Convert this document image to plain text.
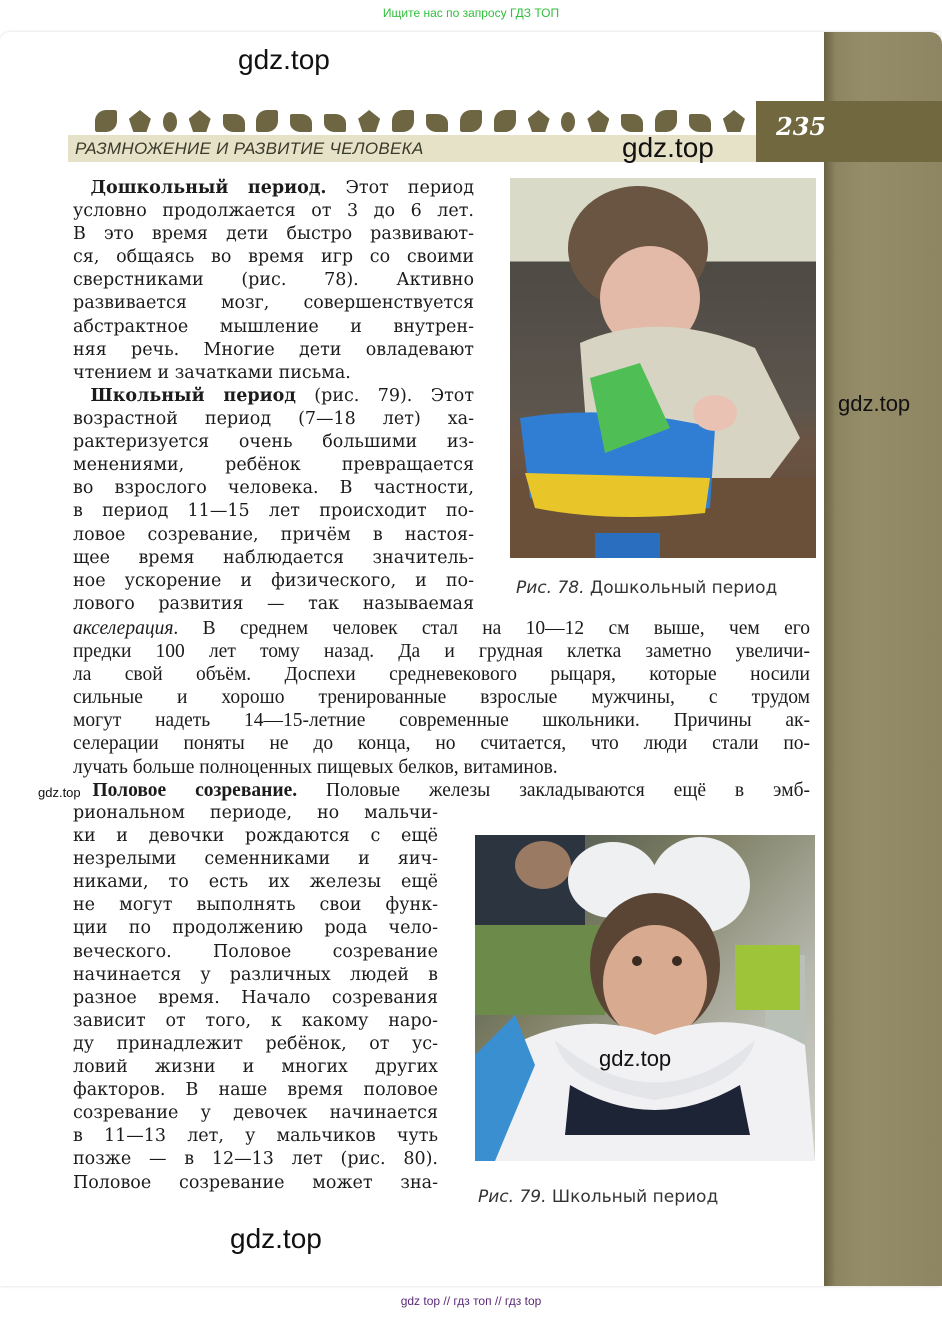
Ищите нас по запросу ГДЗ ТОП
gdz.top
РАЗМНОЖЕНИЕ И РАЗВИТИЕ ЧЕЛОВЕКА	gdz.top
235
gdz.top
 Дошкольный период. Этот период
условно продолжается от 3 до 6 лет.
В это время дети быстро развивают-
ся, общаясь во время игр со своими
сверстниками (рис. 78). Активно
развивается мозг, совершенствуется
абстрактное мышление и внутрен-
няя речь. Многие дети овладевают
чтением и зачатками письма.
 Школьный период (рис. 79). Этот
возрастной период (7—18 лет) ха-
рактеризуется очень большими из-
менениями, ребёнок превращается
во взрослого человека. В частности,
в период 11—15 лет происходит по-
ловое созревание, причём в настоя-
щее время наблюдается значитель-
ное ускорение и физического, и по-
лового развития — так называемая
акселерация. В среднем человек стал на 10—12 см выше, чем его
предки 100 лет тому назад. Да и грудная клетка заметно увеличи-
ла свой объём. Доспехи средневекового рыцаря, которые носили
сильные и хорошо тренированные взрослые мужчины, с трудом
могут надеть 14—15-летние современные школьники. Причины ак-
селерации поняты не до конца, но считается, что люди стали по-
лучать больше полноценных пищевых белков, витаминов.
 Половое созревание. Половые железы закладываются ещё в эмб-
gdz.top
риональном периоде, но мальчи-
ки и девочки рождаются с ещё
незрелыми семенниками и яич-
никами, то есть их железы ещё
не могут выполнять свои функ-
ции по продолжению рода чело-
веческого. Половое созревание
начинается у различных людей в
разное время. Начало созревания
зависит от того, к какому наро-
ду принадлежит ребёнок, от ус-
ловий жизни и многих других
факторов. В наше время половое
созревание у девочек начинается
в 11—13 лет, у мальчиков чуть
позже — в 12—13 лет (рис. 80).
Половое созревание может зна-
Рис. 78. Дошкольный период
gdz.top
Рис. 79. Школьный период
gdz.top
gdz top // гдз топ // гдз top
